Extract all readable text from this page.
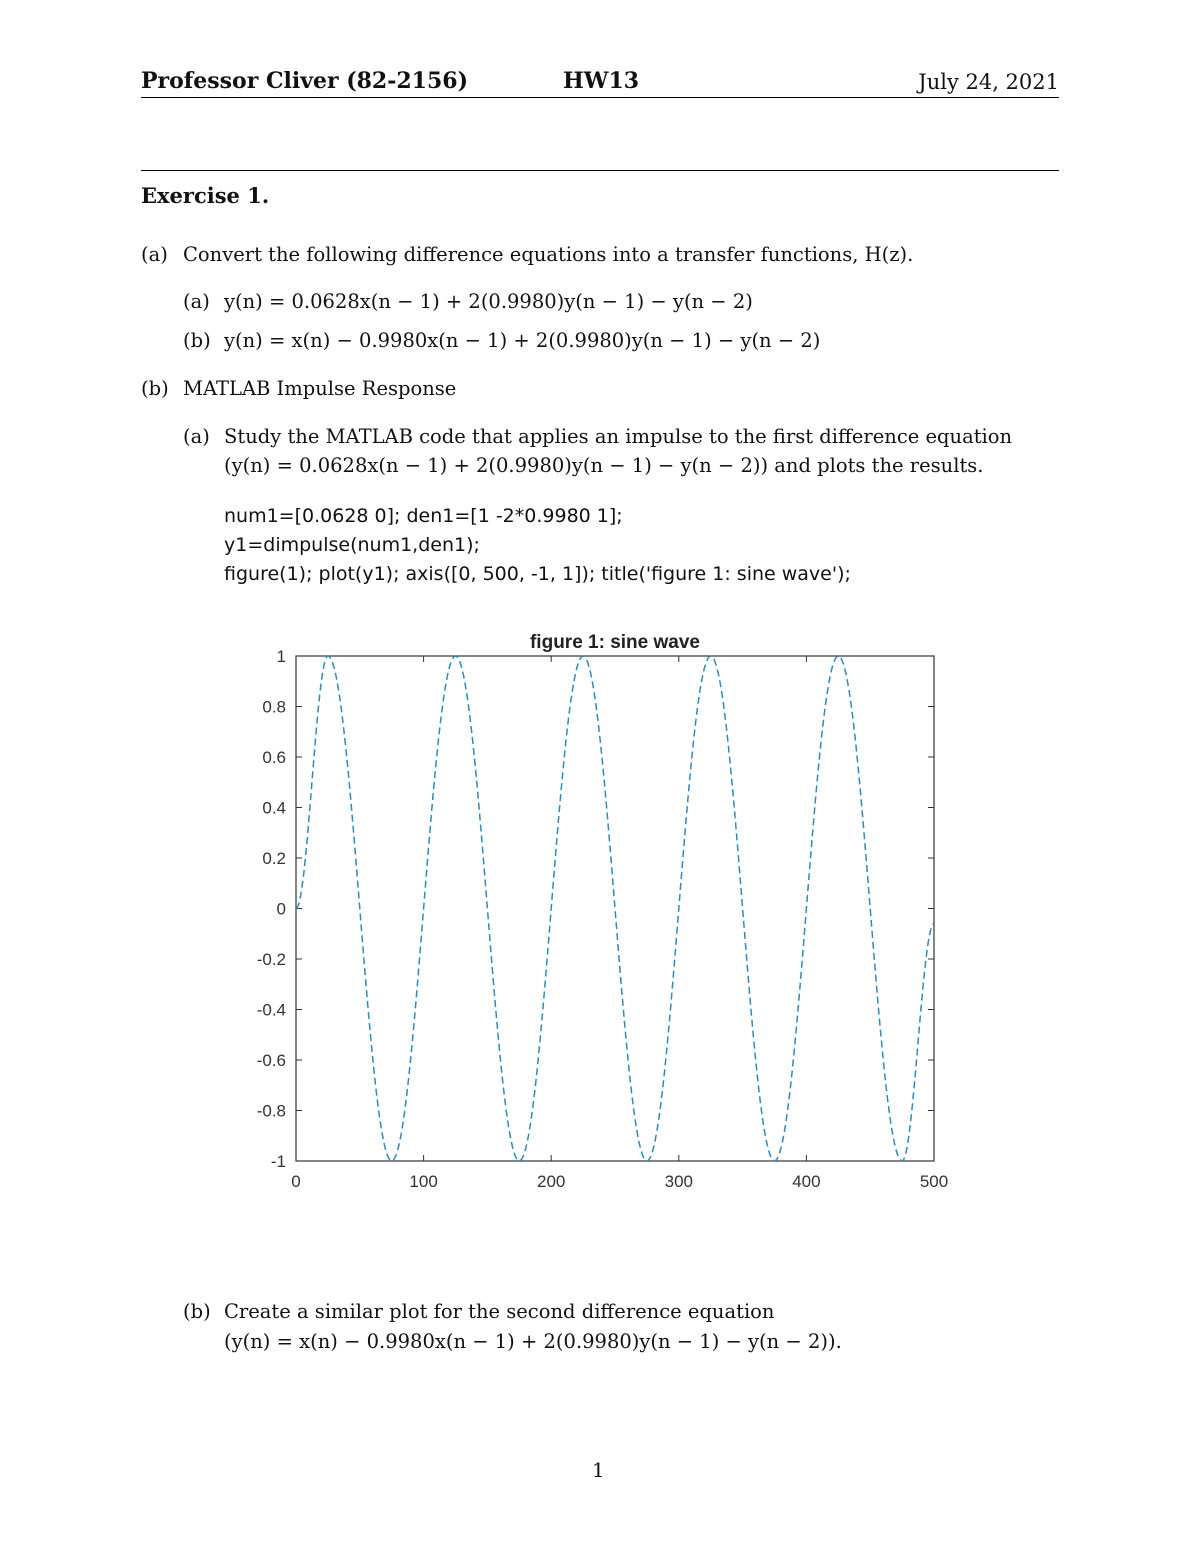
Professor Cliver (82-2156)	HW13	July 24, 2021
Exercise 1.
(a) Convert the following difference equations into a transfer functions, H(z).
(a) y(n) = 0.0628x(n − 1) + 2(0.9980)y(n − 1) − y(n − 2)
(b) y(n) = x(n) − 0.9980x(n − 1) + 2(0.9980)y(n − 1) − y(n − 2)
(b) MATLAB Impulse Response
(a) Study the MATLAB code that applies an impulse to the first difference equation
(y(n) = 0.0628x(n − 1) + 2(0.9980)y(n − 1) − y(n − 2)) and plots the results.
num1=[0.0628 0]; den1=[1 -2*0.9980 1];
y1=dimpulse(num1,den1);
figure(1); plot(y1); axis([0, 500, -1, 1]); title('figure 1: sine wave');
figure 1: sine wave
0	100	200	300	400	500
1
0.8
0.6
0.4
0.2
0
-0.2
-0.4
-0.6
-0.8
-1
(b) Create a similar plot for the second difference equation
(y(n) = x(n) − 0.9980x(n − 1) + 2(0.9980)y(n − 1) − y(n − 2)).
1
